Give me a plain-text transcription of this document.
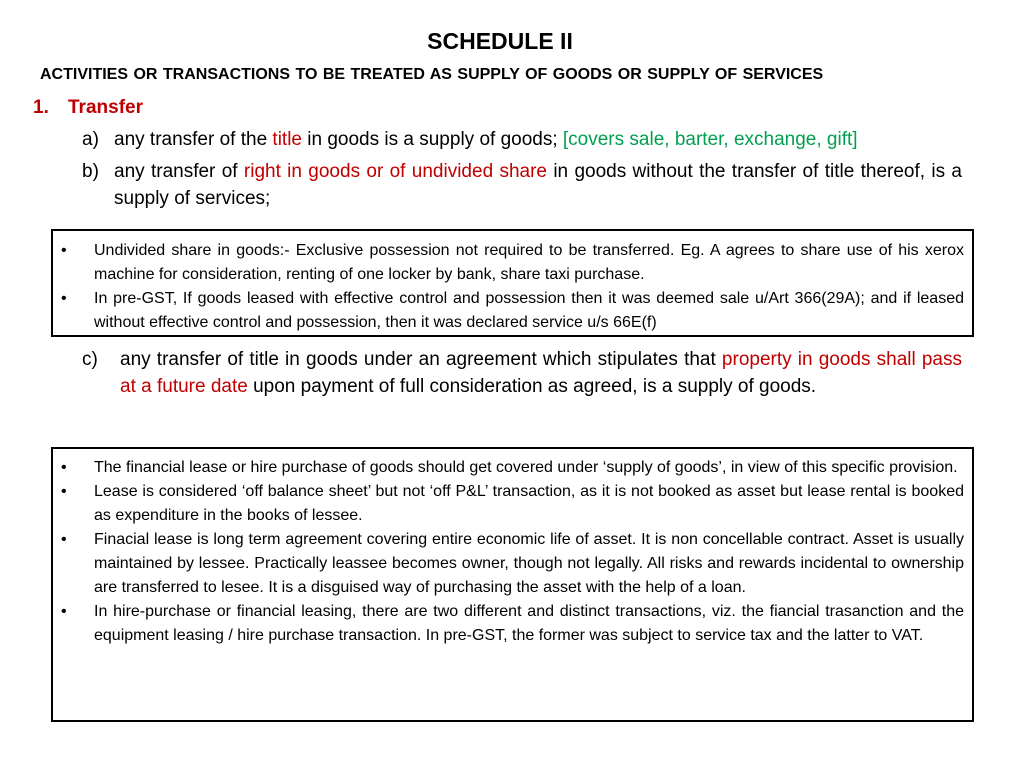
SCHEDULE II
ACTIVITIES OR TRANSACTIONS TO BE TREATED AS SUPPLY OF GOODS OR SUPPLY OF SERVICES
1. Transfer
a) any transfer of the title in goods is a supply of goods; [covers sale, barter, exchange, gift]
b) any transfer of right in goods or of undivided share in goods without the transfer of title thereof, is a supply of services;
• Undivided share in goods:- Exclusive possession not required to be transferred. Eg. A agrees to share use of his xerox machine for consideration, renting of one locker by bank, share taxi purchase.
• In pre-GST, If goods leased with effective control and possession then it was deemed sale u/Art 366(29A); and if leased without effective control and possession, then it was declared service u/s 66E(f)
c) any transfer of title in goods under an agreement which stipulates that property in goods shall pass at a future date upon payment of full consideration as agreed, is a supply of goods.
• The financial lease or hire purchase of goods should get covered under ‘supply of goods’, in view of this specific provision.
• Lease is considered ‘off balance sheet’ but not ‘off P&L’ transaction, as it is not booked as asset but lease rental is booked as expenditure in the books of lessee.
• Finacial lease is long term agreement covering entire economic life of asset. It is non concellable contract. Asset is usually maintained by lessee. Practically leassee becomes owner, though not legally. All risks and rewards incidental to ownership are transferred to lesee. It is a disguised way of purchasing the asset with the help of a loan.
• In hire-purchase or financial leasing, there are two different and distinct transactions, viz. the fiancial trasanction and the equipment leasing / hire purchase transaction. In pre-GST, the former was subject to service tax and the latter to VAT.
